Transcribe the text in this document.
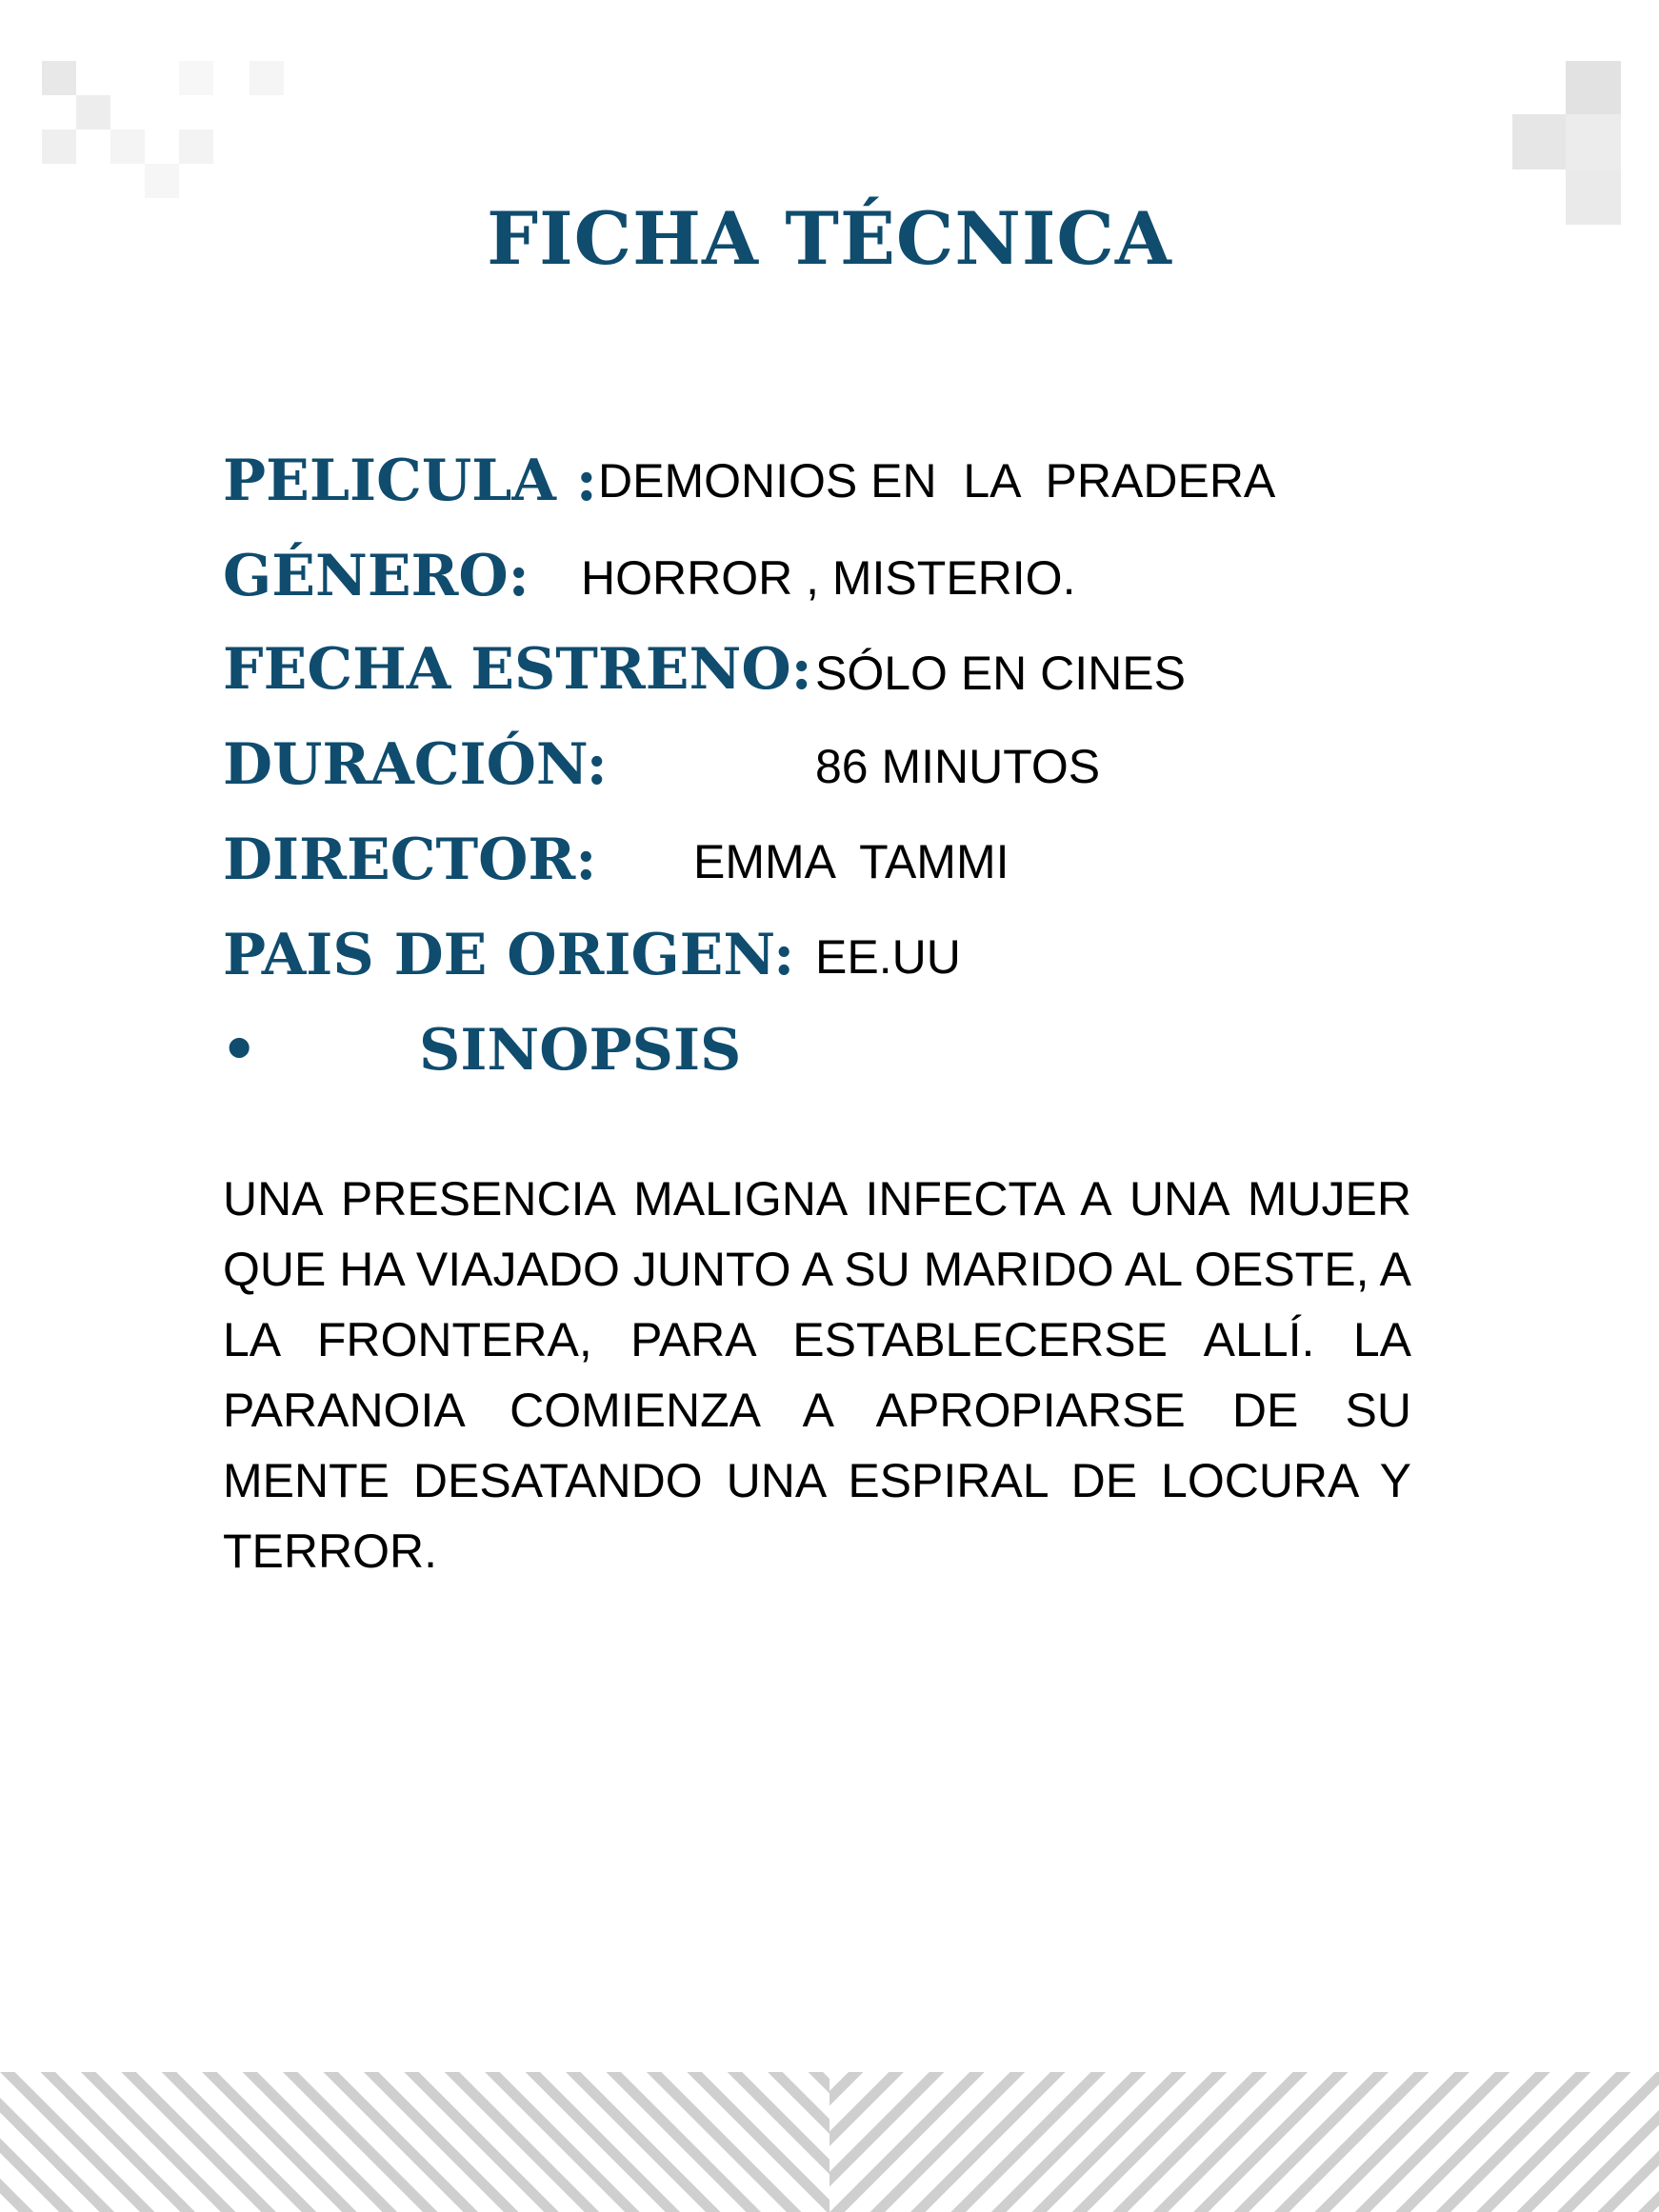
FICHA TÉCNICA
PELICULA : DEMONIOS EN  LA  PRADERA
GÉNERO: HORROR , MISTERIO.
FECHA ESTRENO: SÓLO EN CINES
DURACIÓN:	86 MINUTOS
DIRECTOR: EMMA  TAMMI
PAIS DE ORIGEN: EE.UU
•	SINOPSIS

UNA PRESENCIA MALIGNA INFECTA A UNA MUJER QUE HA VIAJADO JUNTO A SU MARIDO AL OESTE, A LA FRONTERA, PARA ESTABLECERSE ALLÍ. LA PARANOIA COMIENZA A APROPIARSE DE SU MENTE DESATANDO UNA ESPIRAL DE LOCURA Y TERROR.
